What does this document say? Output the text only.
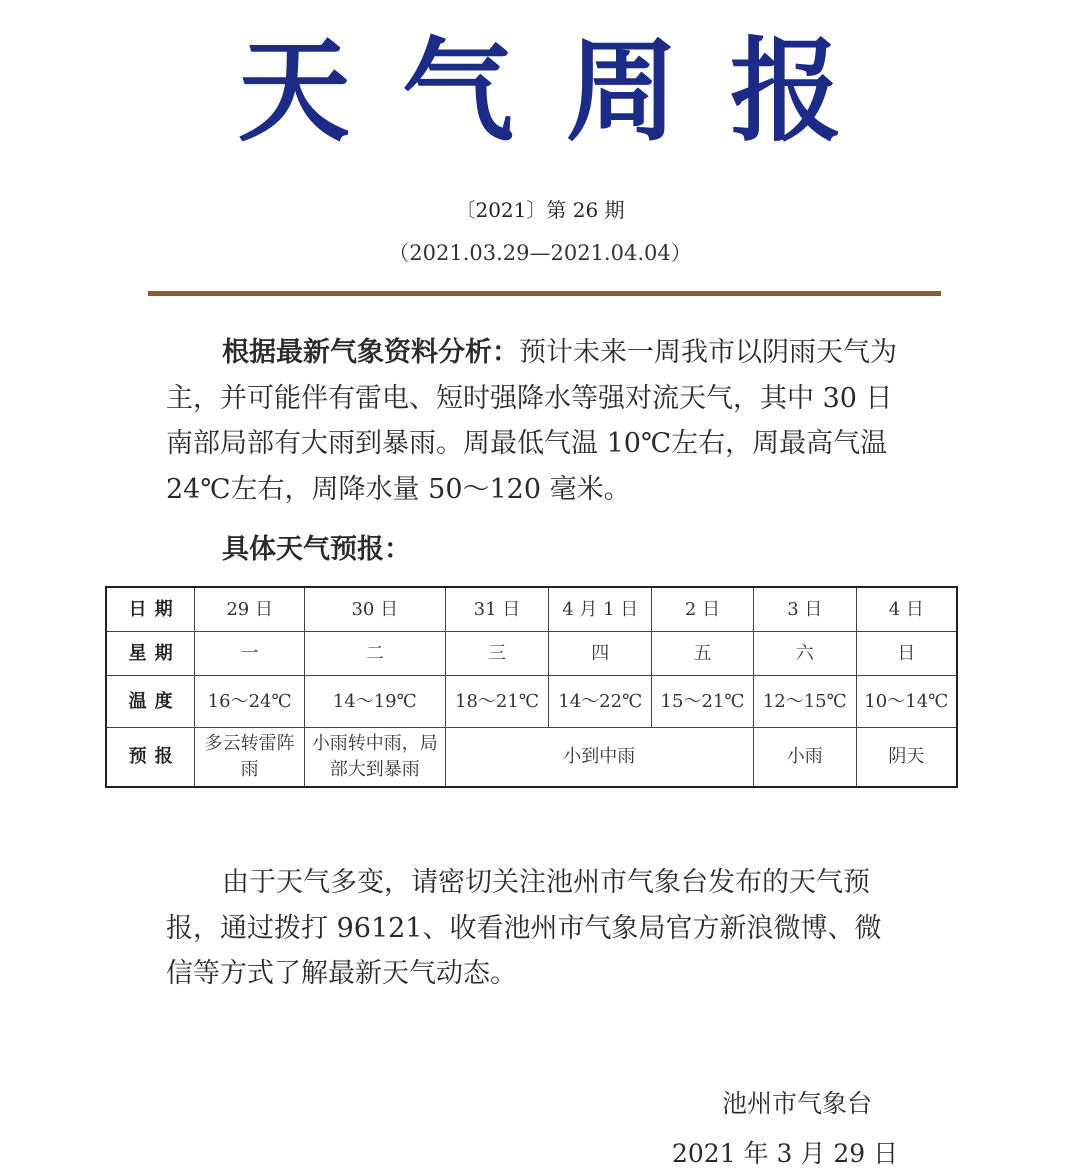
天气周报
〔2021〕第 26 期
（2021.03.29—2021.04.04）

根据最新气象资料分析：预计未来一周我市以阴雨天气为主，并可能伴有雷电、短时强降水等强对流天气，其中 30 日南部局部有大雨到暴雨。周最低气温 10℃左右，周最高气温 24℃左右，周降水量 50～120 毫米。

具体天气预报：
日期	29 日	30 日	31 日	4 月 1 日	2 日	3 日	4 日
星期	一	二	三	四	五	六	日
温度	16～24℃	14～19℃	18～21℃	14～22℃	15～21℃	12～15℃	10～14℃
预报	多云转雷阵雨	小雨转中雨，局部大到暴雨	小到中雨			小雨	阴天

由于天气多变，请密切关注池州市气象台发布的天气预报，通过拨打 96121、收看池州市气象局官方新浪微博、微信等方式了解最新天气动态。

池州市气象台
2021 年 3 月 29 日
